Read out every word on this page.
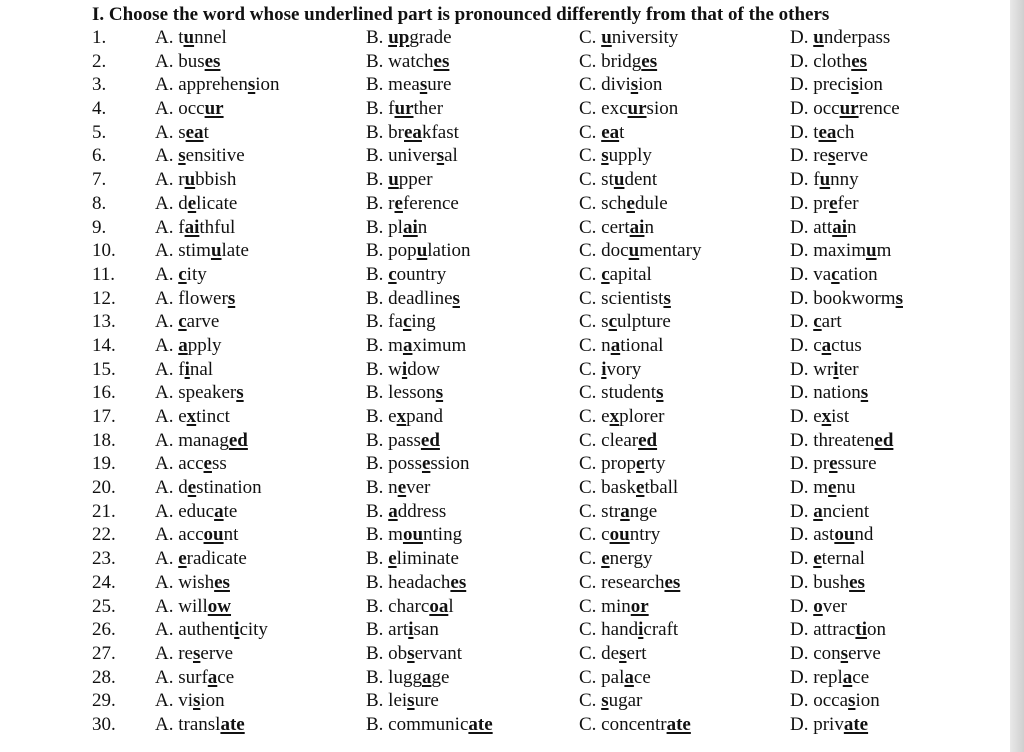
I. Choose the word whose underlined part is pronounced differently from that of the others
1.	A. tunnel	B. upgrade	C. university	D. underpass
2.	A. buses	B. watches	C. bridges	D. clothes
3.	A. apprehension	B. measure	C. division	D. precision
4.	A. occur	B. further	C. excursion	D. occurrence
5.	A. seat	B. breakfast	C. eat	D. teach
6.	A. sensitive	B. universal	C. supply	D. reserve
7.	A. rubbish	B. upper	C. student	D. funny
8.	A. delicate	B. reference	C. schedule	D. prefer
9.	A. faithful	B. plain	C. certain	D. attain
10. A. stimulate	B. population	C. documentary	D. maximum
11. A. city	B. country	C. capital	D. vacation
12. A. flowers	B. deadlines	C. scientists	D. bookworms
13. A. carve	B. facing	C. sculpture	D. cart
14. A. apply	B. maximum	C. national	D. cactus
15. A. final	B. widow	C. ivory	D. writer
16. A. speakers	B. lessons	C. students	D. nations
17. A. extinct	B. expand	C. explorer	D. exist
18. A. managed	B. passed	C. cleared	D. threatened
19. A. access	B. possession	C. property	D. pressure
20. A. destination	B. never	C. basketball	D. menu
21. A. educate	B. address	C. strange	D. ancient
22. A. account	B. mounting	C. country	D. astound
23. A. eradicate	B. eliminate	C. energy	D. eternal
24. A. wishes	B. headaches	C. researches	D. bushes
25. A. willow	B. charcoal	C. minor	D. over
26. A. authenticity	B. artisan	C. handicraft	D. attraction
27. A. reserve	B. observant	C. desert	D. conserve
28. A. surface	B. luggage	C. palace	D. replace
29. A. vision	B. leisure	C. sugar	D. occasion
30. A. translate	B. communicate	C. concentrate	D. private
